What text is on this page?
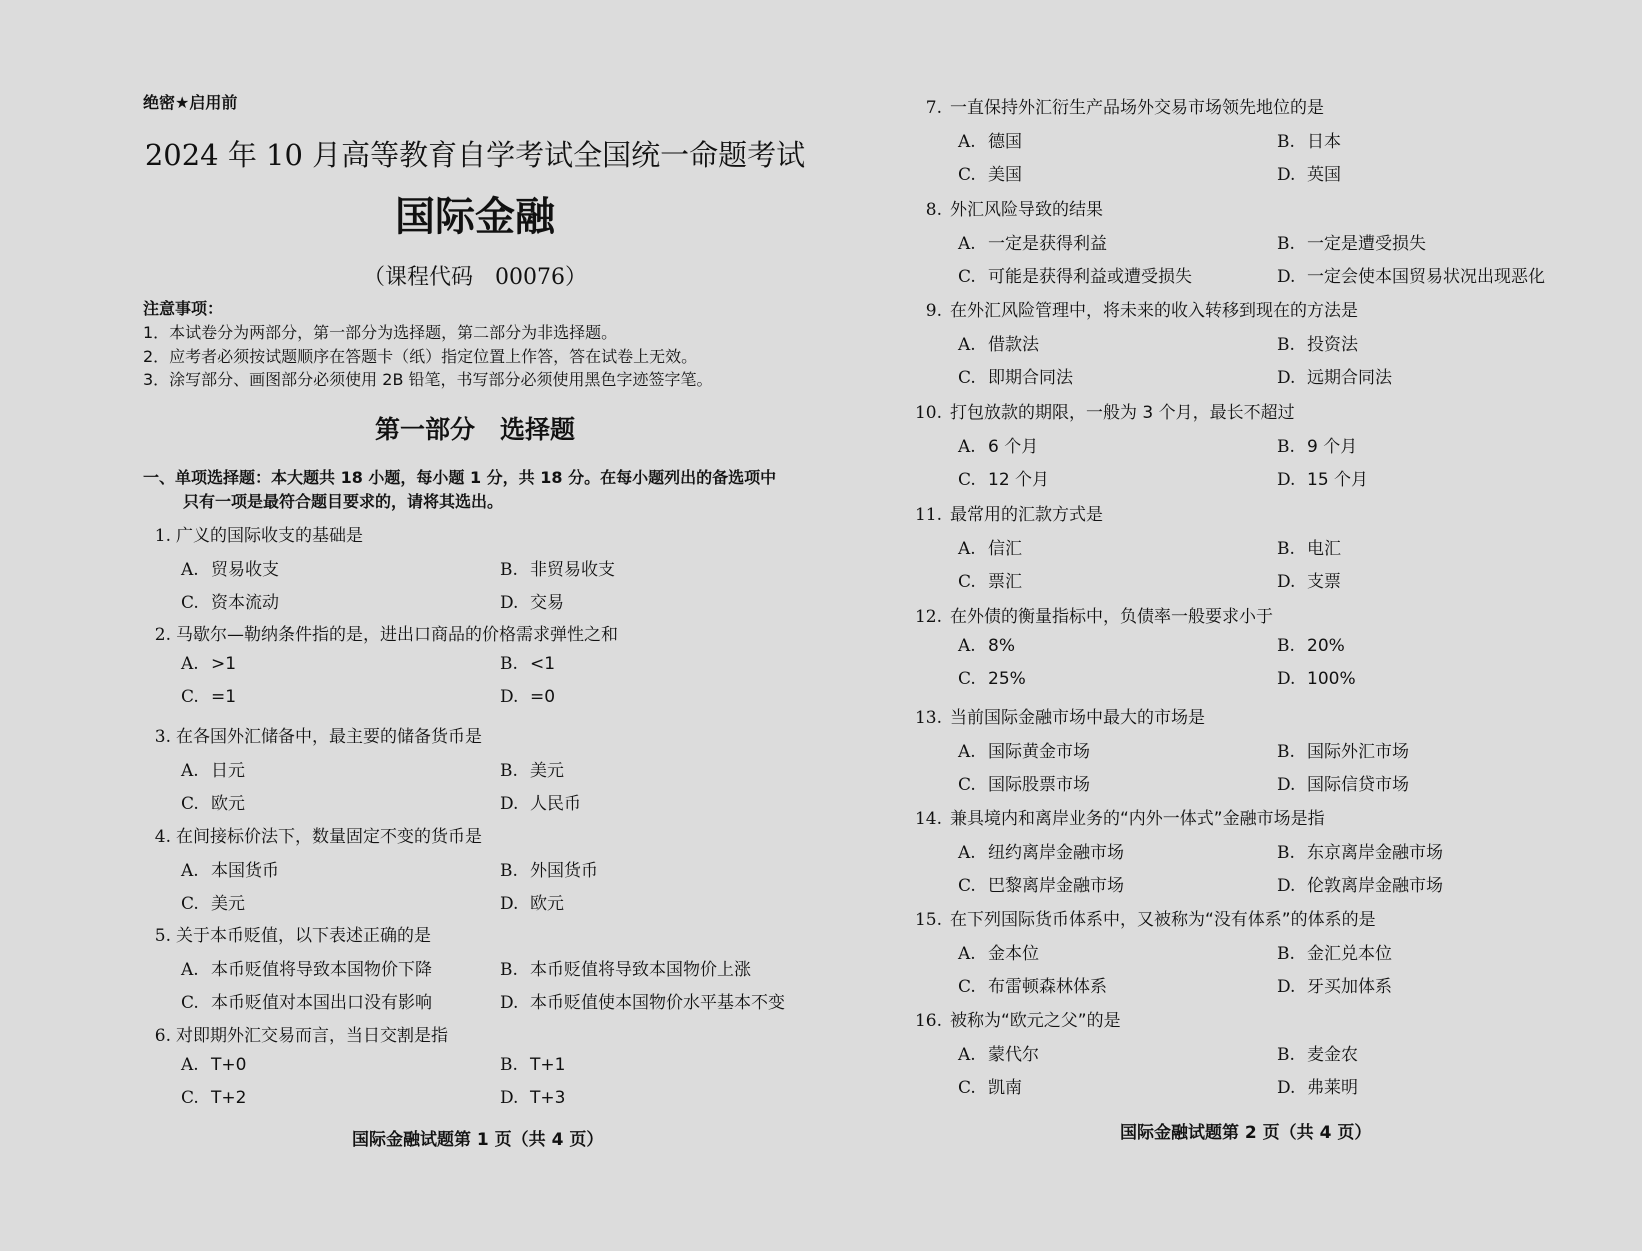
绝密★启用前
2024 年 10 月高等教育自学考试全国统一命题考试
国际金融
（课程代码　00076）
注意事项：
1．本试卷分为两部分，第一部分为选择题，第二部分为非选择题。
2．应考者必须按试题顺序在答题卡（纸）指定位置上作答，答在试卷上无效。
3．涂写部分、画图部分必须使用 2B 铅笔，书写部分必须使用黑色字迹签字笔。
第一部分　选择题
一、单项选择题：本大题共 18 小题，每小题 1 分，共 18 分。在每小题列出的备选项中
只有一项是最符合题目要求的，请将其选出。
1. 广义的国际收支的基础是
A. 贸易收支	B. 非贸易收支
C. 资本流动	D. 交易
2. 马歇尔—勒纳条件指的是，进出口商品的价格需求弹性之和
A. >1	B. <1
C. =1	D. =0
3. 在各国外汇储备中，最主要的储备货币是
A. 日元	B. 美元
C. 欧元	D. 人民币
4. 在间接标价法下，数量固定不变的货币是
A. 本国货币	B. 外国货币
C. 美元	D. 欧元
5. 关于本币贬值，以下表述正确的是
A. 本币贬值将导致本国物价下降	B. 本币贬值将导致本国物价上涨
C. 本币贬值对本国出口没有影响	D. 本币贬值使本国物价水平基本不变
6. 对即期外汇交易而言，当日交割是指
A. T+0	B. T+1
C. T+2	D. T+3
7. 一直保持外汇衍生产品场外交易市场领先地位的是
A. 德国	B. 日本
C. 美国	D. 英国
8. 外汇风险导致的结果
A. 一定是获得利益	B. 一定是遭受损失
C. 可能是获得利益或遭受损失	D. 一定会使本国贸易状况出现恶化
9. 在外汇风险管理中，将未来的收入转移到现在的方法是
A. 借款法	B. 投资法
C. 即期合同法	D. 远期合同法
10. 打包放款的期限，一般为 3 个月，最长不超过
A. 6 个月	B. 9 个月
C. 12 个月	D. 15 个月
11. 最常用的汇款方式是
A. 信汇	B. 电汇
C. 票汇	D. 支票
12. 在外债的衡量指标中，负债率一般要求小于
A. 8%	B. 20%
C. 25%	D. 100%
13. 当前国际金融市场中最大的市场是
A. 国际黄金市场	B. 国际外汇市场
C. 国际股票市场	D. 国际信贷市场
14. 兼具境内和离岸业务的“内外一体式”金融市场是指
A. 纽约离岸金融市场	B. 东京离岸金融市场
C. 巴黎离岸金融市场	D. 伦敦离岸金融市场
15. 在下列国际货币体系中，又被称为“没有体系”的体系的是
A. 金本位	B. 金汇兑本位
C. 布雷顿森林体系	D. 牙买加体系
16. 被称为“欧元之父”的是
A. 蒙代尔	B. 麦金农
C. 凯南	D. 弗莱明
国际金融试题第 1 页（共 4 页）	国际金融试题第 2 页（共 4 页）
